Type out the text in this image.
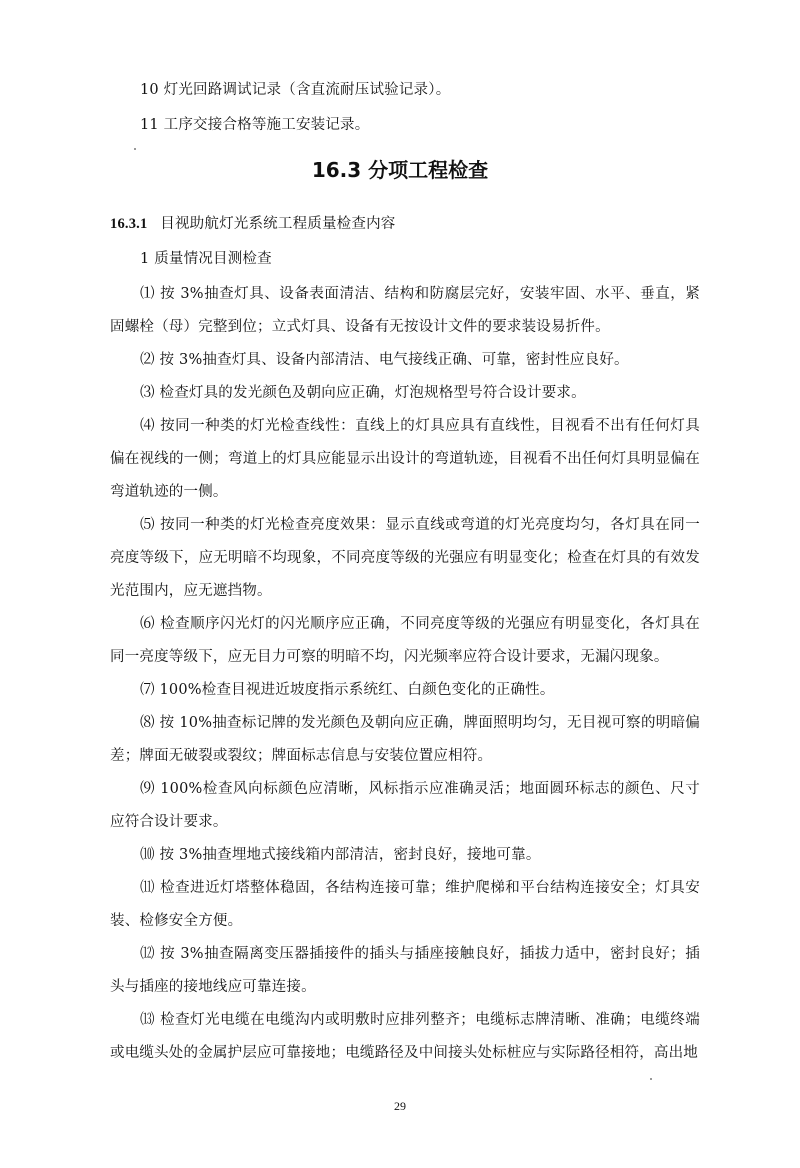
10 灯光回路调试记录（含直流耐压试验记录）。
11 工序交接合格等施工安装记录。
16.3 分项工程检查
16.3.1 目视助航灯光系统工程质量检查内容
1 质量情况目测检查

⑴ 按 3%抽查灯具、设备表面清洁、结构和防腐层完好，安装牢固、水平、垂直，紧固螺栓（母）完整到位；立式灯具、设备有无按设计文件的要求装设易折件。

⑵ 按 3%抽查灯具、设备内部清洁、电气接线正确、可靠，密封性应良好。

⑶ 检查灯具的发光颜色及朝向应正确，灯泡规格型号符合设计要求。

⑷ 按同一种类的灯光检查线性：直线上的灯具应具有直线性，目视看不出有任何灯具偏在视线的一侧；弯道上的灯具应能显示出设计的弯道轨迹，目视看不出任何灯具明显偏在弯道轨迹的一侧。

⑸ 按同一种类的灯光检查亮度效果：显示直线或弯道的灯光亮度均匀，各灯具在同一亮度等级下，应无明暗不均现象，不同亮度等级的光强应有明显变化；检查在灯具的有效发光范围内，应无遮挡物。

⑹ 检查顺序闪光灯的闪光顺序应正确，不同亮度等级的光强应有明显变化，各灯具在同一亮度等级下，应无目力可察的明暗不均，闪光频率应符合设计要求，无漏闪现象。

⑺ 100%检查目视进近坡度指示系统红、白颜色变化的正确性。

⑻ 按 10%抽查标记牌的发光颜色及朝向应正确，牌面照明均匀，无目视可察的明暗偏差；牌面无破裂或裂纹；牌面标志信息与安装位置应相符。

⑼ 100%检查风向标颜色应清晰，风标指示应准确灵活；地面圆环标志的颜色、尺寸应符合设计要求。

⑽ 按 3%抽查埋地式接线箱内部清洁，密封良好，接地可靠。

⑾ 检查进近灯塔整体稳固，各结构连接可靠；维护爬梯和平台结构连接安全；灯具安装、检修安全方便。

⑿ 按 3%抽查隔离变压器插接件的插头与插座接触良好，插拔力适中，密封良好；插头与插座的接地线应可靠连接。

⒀ 检查灯光电缆在电缆沟内或明敷时应排列整齐；电缆标志牌清晰、准确；电缆终端或电缆头处的金属护层应可靠接地；电缆路径及中间接头处标桩应与实际路径相符，高出地

29
